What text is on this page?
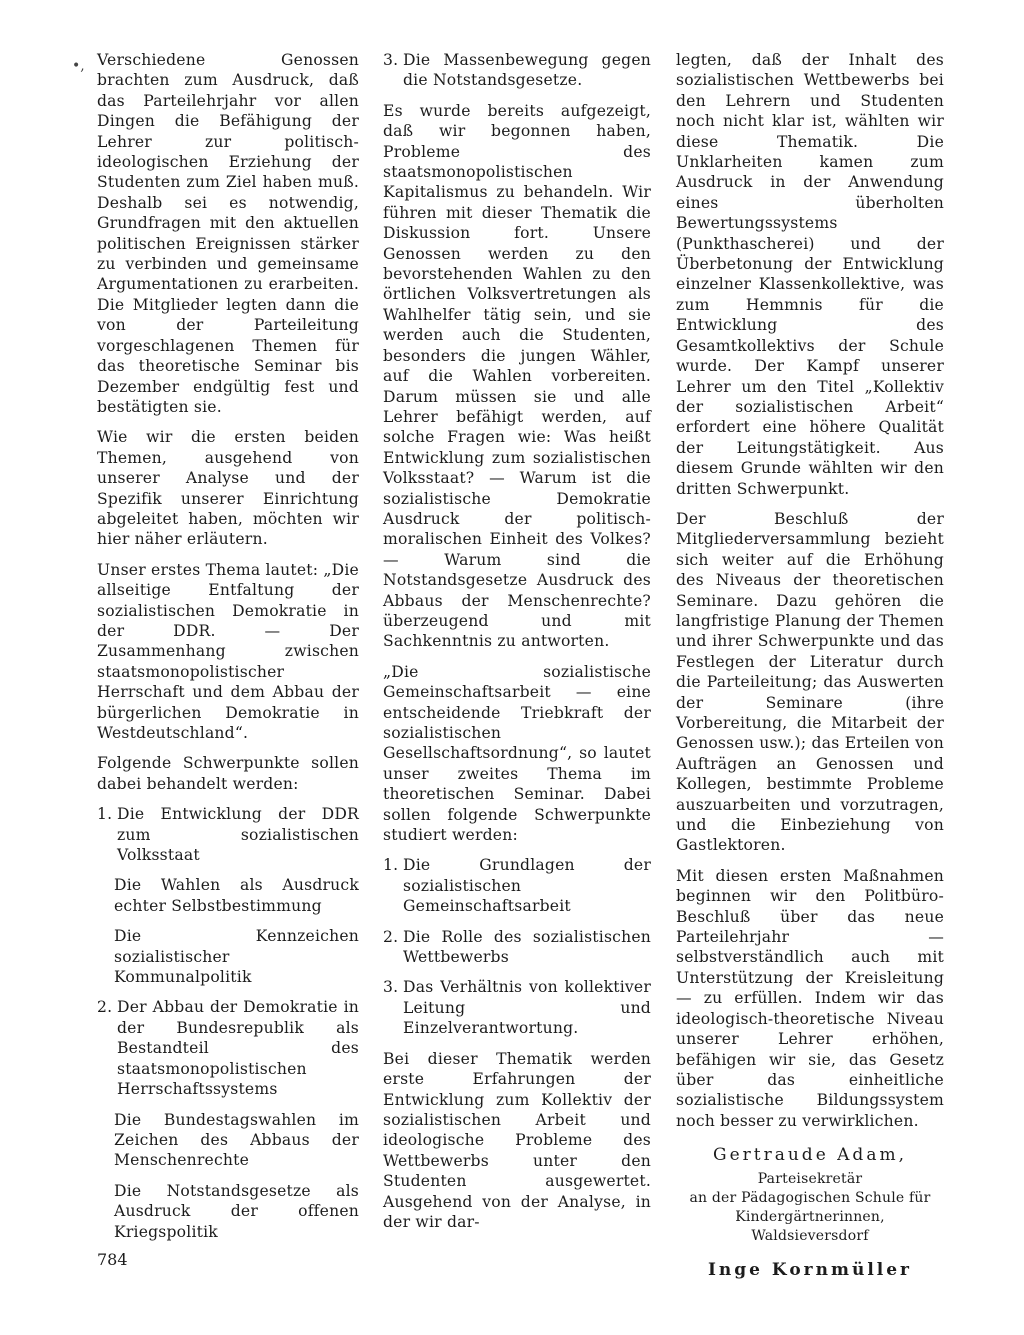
•, Verschiedene Genossen brachten zum Ausdruck, daß das Parteilehrjahr vor allen Dingen die Befähigung der Lehrer zur politisch-ideologischen Erziehung der Studenten zum Ziel haben muß. Deshalb sei es notwendig, Grundfragen mit den aktuellen politischen Ereignissen stärker zu verbinden und gemeinsame Argumentationen zu erarbeiten. Die Mitglieder legten dann die von der Parteileitung vorgeschlagenen Themen für das theoretische Seminar bis Dezember endgültig fest und bestätigten sie.

Wie wir die ersten beiden Themen, ausgehend von unserer Analyse und der Spezifik unserer Einrichtung abgeleitet haben, möchten wir hier näher erläutern.

Unser erstes Thema lautet: „Die allseitige Entfaltung der sozialistischen Demokratie in der DDR. — Der Zusammenhang zwischen staatsmonopolistischer Herrschaft und dem Abbau der bürgerlichen Demokratie in Westdeutschland“.

Folgende Schwerpunkte sollen dabei behandelt werden:

1. Die Entwicklung der DDR zum sozialistischen Volksstaat

Die Wahlen als Ausdruck echter Selbstbestimmung

Die Kennzeichen sozialistischer Kommunalpolitik

2. Der Abbau der Demokratie in der Bundesrepublik als Bestandteil des staatsmonopolistischen Herrschaftssystems

Die Bundestagswahlen im Zeichen des Abbaus der Menschenrechte

Die Notstandsgesetze als Ausdruck der offenen Kriegspolitik

3. Die Massenbewegung gegen die Notstandsgesetze.

Es wurde bereits aufgezeigt, daß wir begonnen haben, Probleme des staatsmonopolistischen Kapitalismus zu behandeln. Wir führen mit dieser Thematik die Diskussion fort. Unsere Genossen werden zu den bevorstehenden Wahlen zu den örtlichen Volksvertretungen als Wahlhelfer tätig sein, und sie werden auch die Studenten, besonders die jungen Wähler, auf die Wahlen vorbereiten. Darum müssen sie und alle Lehrer befähigt werden, auf solche Fragen wie: Was heißt Entwicklung zum sozialistischen Volksstaat? — Warum ist die sozialistische Demokratie Ausdruck der politisch-moralischen Einheit des Volkes? — Warum sind die Notstandsgesetze Ausdruck des Abbaus der Menschenrechte? überzeugend und mit Sachkenntnis zu antworten.

„Die sozialistische Gemeinschaftsarbeit — eine entscheidende Triebkraft der sozialistischen Gesellschaftsordnung“, so lautet unser zweites Thema im theoretischen Seminar. Dabei sollen folgende Schwerpunkte studiert werden:

1. Die Grundlagen der sozialistischen Gemeinschaftsarbeit
2. Die Rolle des sozialistischen Wettbewerbs
3. Das Verhältnis von kollektiver Leitung und Einzelverantwortung.

Bei dieser Thematik werden erste Erfahrungen der Entwicklung zum Kollektiv der sozialistischen Arbeit und ideologische Probleme des Wettbewerbs unter den Studenten ausgewertet. Ausgehend von der Analyse, in der wir dar-

legten, daß der Inhalt des sozialistischen Wettbewerbs bei den Lehrern und Studenten noch nicht klar ist, wählten wir diese Thematik. Die Unklarheiten kamen zum Ausdruck in der Anwendung eines überholten Bewertungssystems (Punkthascherei) und der Überbetonung der Entwicklung einzelner Klassenkollektive, was zum Hemmnis für die Entwicklung des Gesamtkollektivs der Schule wurde. Der Kampf unserer Lehrer um den Titel „Kollektiv der sozialistischen Arbeit“ erfordert eine höhere Qualität der Leitungstätigkeit. Aus diesem Grunde wählten wir den dritten Schwerpunkt.

Der Beschluß der Mitgliederversammlung bezieht sich weiter auf die Erhöhung des Niveaus der theoretischen Seminare. Dazu gehören die langfristige Planung der Themen und ihrer Schwerpunkte und das Festlegen der Literatur durch die Parteileitung; das Auswerten der Seminare (ihre Vorbereitung, die Mitarbeit der Genossen usw.); das Erteilen von Aufträgen an Genossen und Kollegen, bestimmte Probleme auszuarbeiten und vorzutragen, und die Einbeziehung von Gastlektoren.

Mit diesen ersten Maßnahmen beginnen wir den Politbüro-Beschluß über das neue Parteilehrjahr — selbstverständlich auch mit Unterstützung der Kreisleitung — zu erfüllen. Indem wir das ideologisch-theoretische Niveau unserer Lehrer erhöhen, befähigen wir sie, das Gesetz über das einheitliche sozialistische Bildungssystem noch besser zu verwirklichen.

Gertraude Adam,
Parteisekretär
an der Pädagogischen Schule für
Kindergärtnerinnen,
Waldsieversdorf
Inge Kornmüller
784
